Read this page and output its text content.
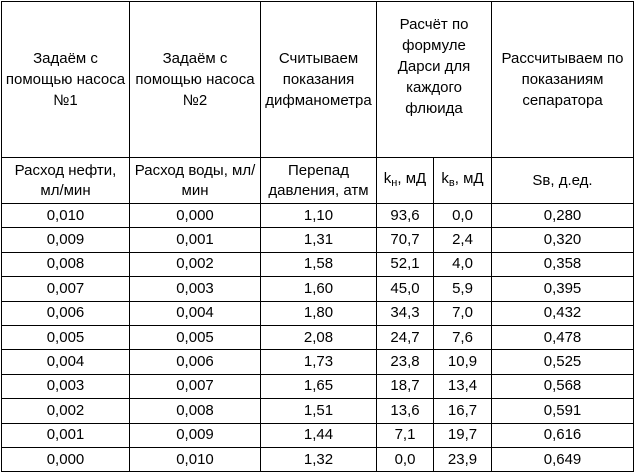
Задаём с помощью насоса №1	Задаём с помощью насоса №2	Считываем показания дифманометра	Расчёт по формуле Дарси для каждого флюида		Рассчитываем по показаниям сепаратора
Расход нефти, мл/мин	Расход воды, мл/мин	Перепад давления, атм	$k_н$, мД	$k_в$, мД	Sв, д.ед.
0,010	0,000	1,10	93,6	0,0	0,280
0,009	0,001	1,31	70,7	2,4	0,320
0,008	0,002	1,58	52,1	4,0	0,358
0,007	0,003	1,60	45,0	5,9	0,395
0,006	0,004	1,80	34,3	7,0	0,432
0,005	0,005	2,08	24,7	7,6	0,478
0,004	0,006	1,73	23,8	10,9	0,525
0,003	0,007	1,65	18,7	13,4	0,568
0,002	0,008	1,51	13,6	16,7	0,591
0,001	0,009	1,44	7,1	19,7	0,616
0,000	0,010	1,32	0,0	23,9	0,649
